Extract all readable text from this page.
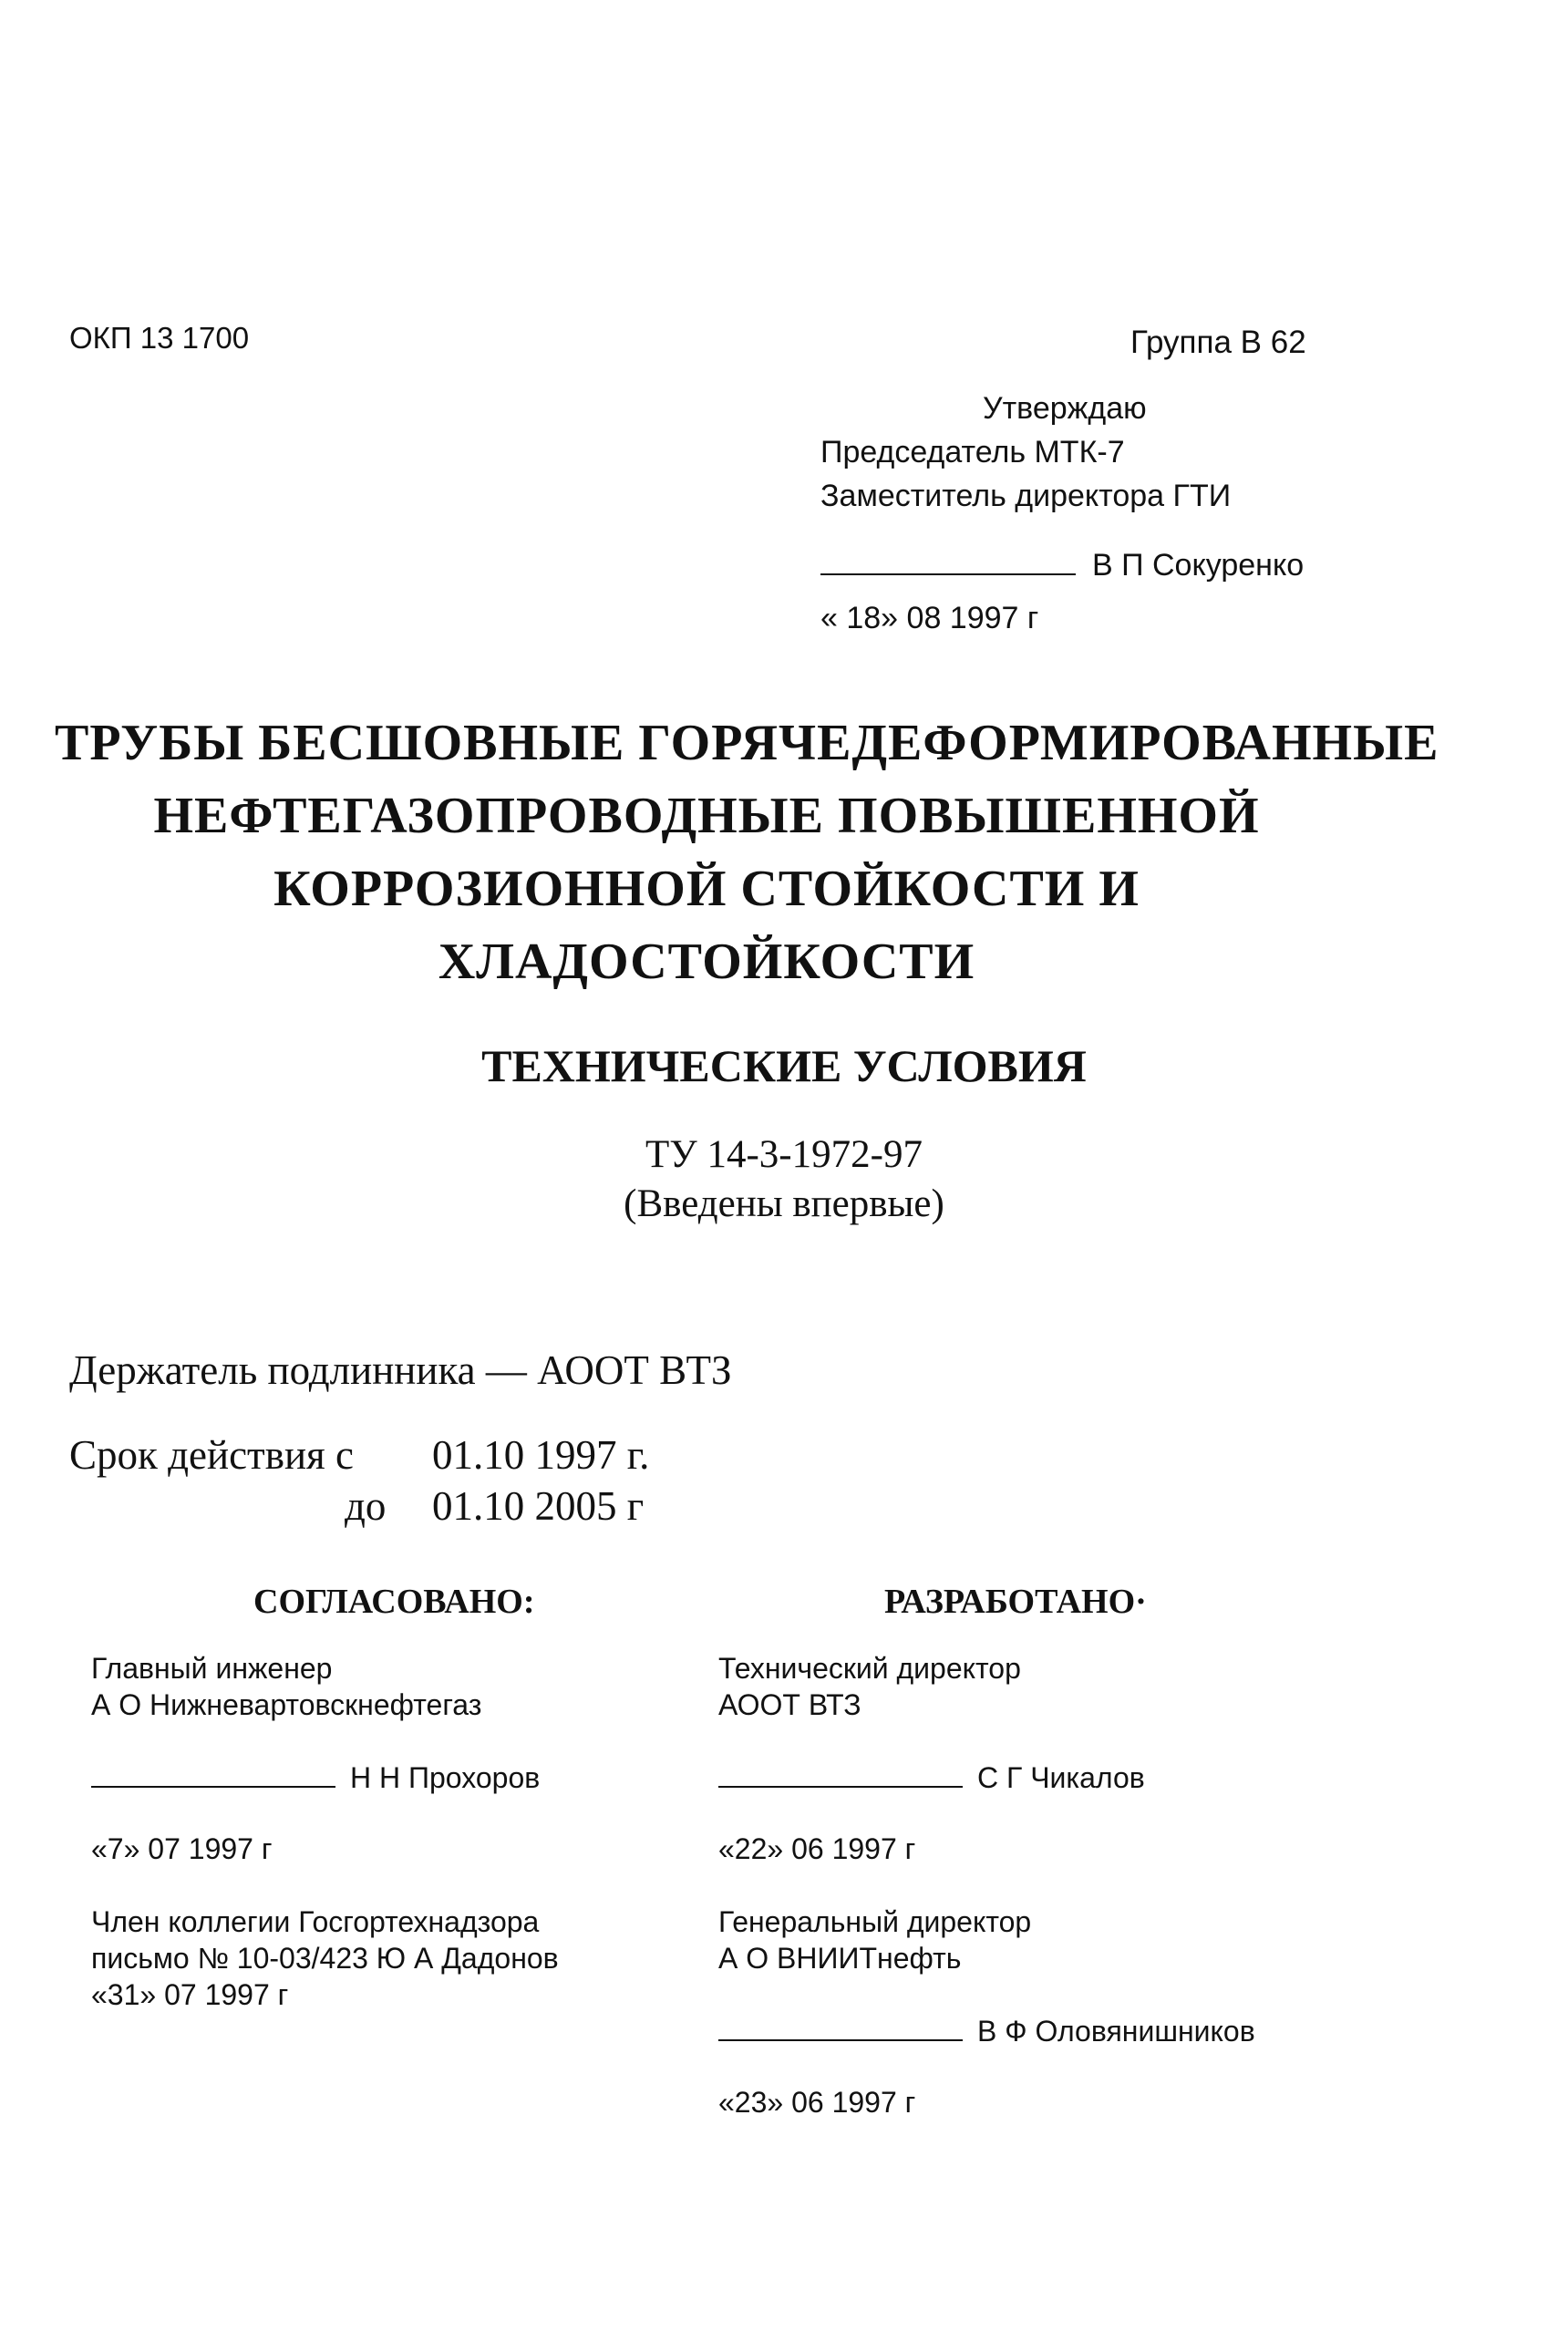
ОКП 13 1700	Группа В 62
Утверждаю
Председатель МТК-7
Заместитель директора ГТИ
В П Сокуренко
« 18» 08 1997 г
ТРУБЫ БЕСШОВНЫЕ ГОРЯЧЕДЕФОРМИРОВАННЫЕ
НЕФТЕГАЗОПРОВОДНЫЕ ПОВЫШЕННОЙ
КОРРОЗИОННОЙ СТОЙКОСТИ И
ХЛАДОСТОЙКОСТИ
ТЕХНИЧЕСКИЕ УСЛОВИЯ
ТУ 14-3-1972-97
(Введены впервые)
Держатель подлинника — АООТ ВТЗ
Срок действия с 01.10 1997 г.
до 01.10 2005 г
СОГЛАСОВАНО:	РАЗРАБОТАНО·
Главный инженер
А О Нижневартовскнефтегаз
Н Н Прохоров
«7» 07 1997 г
Член коллегии Госгортехнадзора
письмо № 10-03/423 Ю А Дадонов
«31» 07 1997 г
Технический директор
АООТ ВТЗ
С Г Чикалов
«22» 06 1997 г
Генеральный директор
А О ВНИИТнефть
В Ф Оловянишников
«23» 06 1997 г
